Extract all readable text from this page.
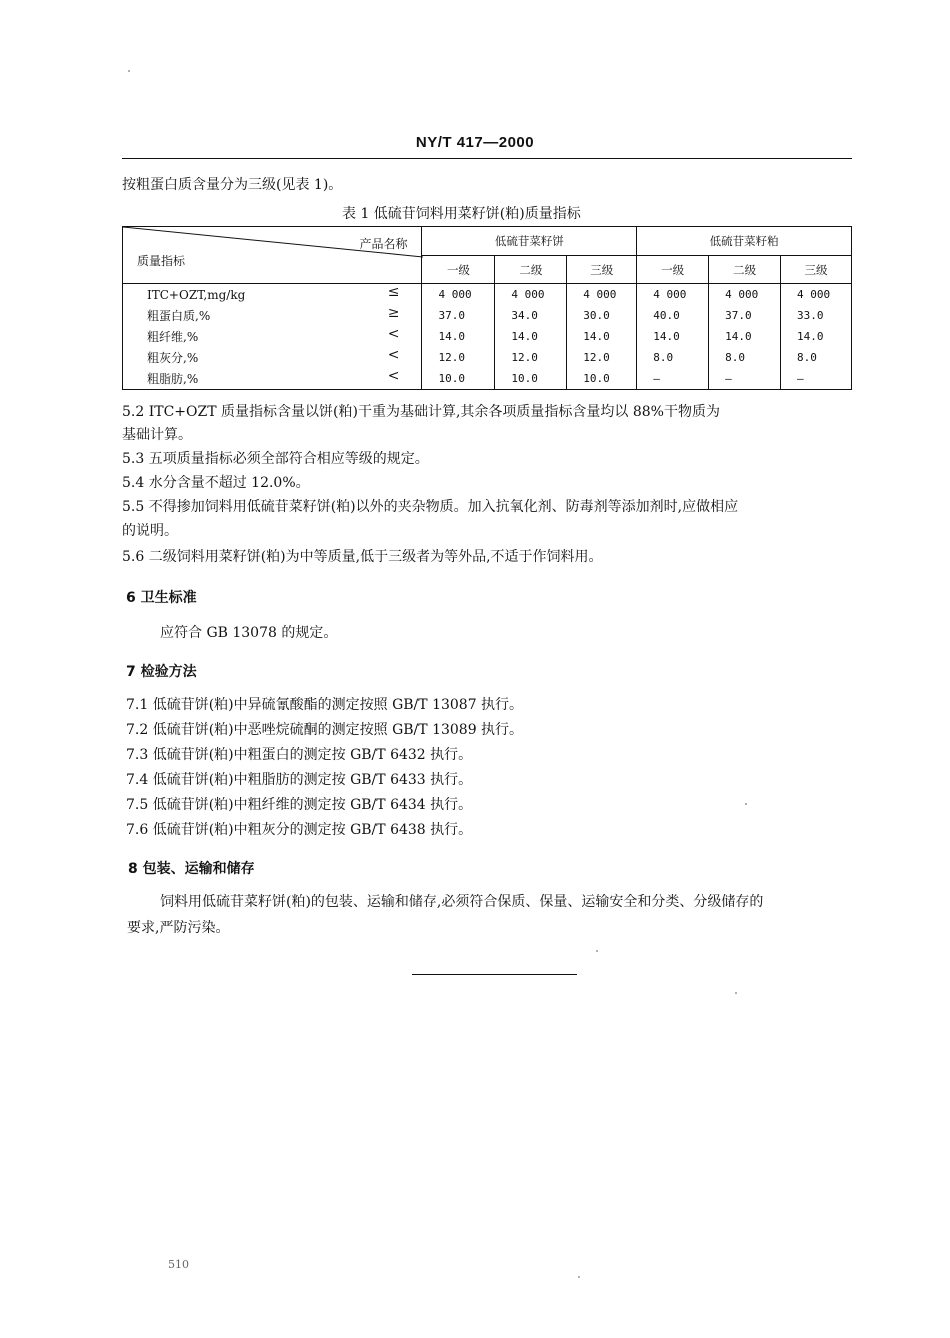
NY/T 417—2000
按粗蛋白质含量分为三级(见表 1)。
表 1 低硫苷饲料用菜籽饼(粕)质量指标
产品名称
质量指标	低硫苷菜籽饼			低硫苷菜籽粕		
	一级	二级	三级	一级	二级	三级
ITC+OZT,mg/kg ≤	4 000	4 000	4 000	4 000	4 000	4 000
粗蛋白质,% ≥	37.0	34.0	30.0	40.0	37.0	33.0
粗纤维,% <	14.0	14.0	14.0	14.0	14.0	14.0
粗灰分,% <	12.0	12.0	12.0	8.0	8.0	8.0
粗脂肪,% <	10.0	10.0	10.0	—	—	—
5.2 ITC+OZT 质量指标含量以饼(粕)干重为基础计算,其余各项质量指标含量均以 88%干物质为
基础计算。
5.3 五项质量指标必须全部符合相应等级的规定。
5.4 水分含量不超过 12.0%。
5.5 不得掺加饲料用低硫苷菜籽饼(粕)以外的夹杂物质。加入抗氧化剂、防毒剂等添加剂时,应做相应
的说明。
5.6 二级饲料用菜籽饼(粕)为中等质量,低于三级者为等外品,不适于作饲料用。
6 卫生标准
应符合 GB 13078 的规定。
7 检验方法
7.1 低硫苷饼(粕)中异硫氰酸酯的测定按照 GB/T 13087 执行。
7.2 低硫苷饼(粕)中恶唑烷硫酮的测定按照 GB/T 13089 执行。
7.3 低硫苷饼(粕)中粗蛋白的测定按 GB/T 6432 执行。
7.4 低硫苷饼(粕)中粗脂肪的测定按 GB/T 6433 执行。
7.5 低硫苷饼(粕)中粗纤维的测定按 GB/T 6434 执行。
7.6 低硫苷饼(粕)中粗灰分的测定按 GB/T 6438 执行。
8 包装、运输和储存
饲料用低硫苷菜籽饼(粕)的包装、运输和储存,必须符合保质、保量、运输安全和分类、分级储存的
要求,严防污染。
510
